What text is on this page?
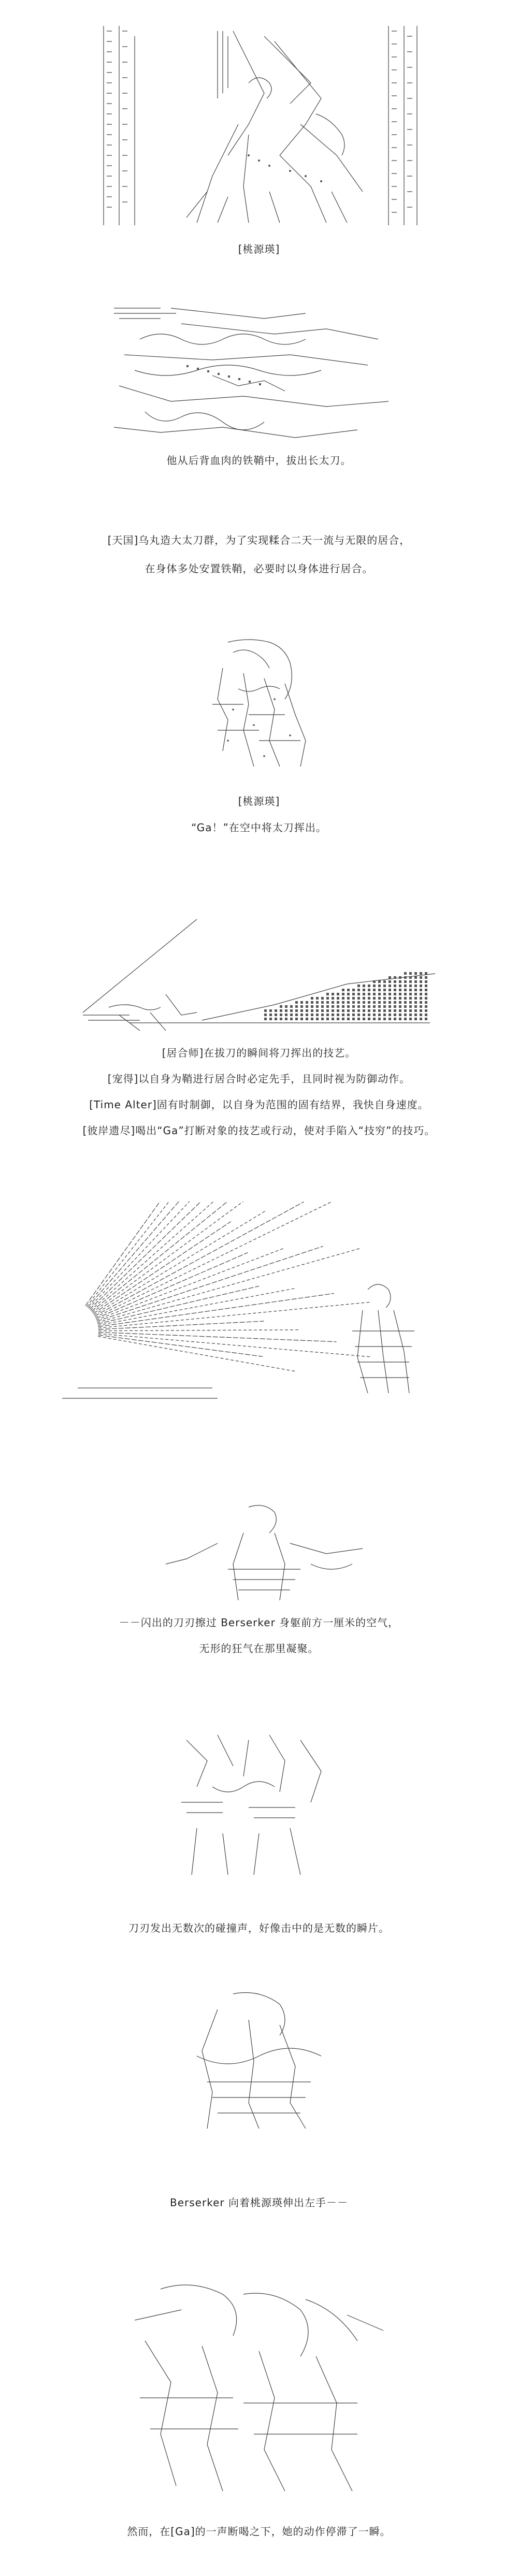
[桃源瑛]
他从后背血肉的铁鞘中，拔出长太刀。
[天国]乌丸造大太刀群，为了实现糅合二天一流与无限的居合，
在身体多处安置铁鞘，必要时以身体进行居合。
[桃源瑛]
“Ga！”在空中将太刀挥出。
[居合师]在拔刀的瞬间将刀挥出的技艺。
[宠得]以自身为鞘进行居合时必定先手，且同时视为防御动作。
[Time Alter]固有时制御，以自身为范围的固有结界，我快自身速度。
[彼岸遗尽]喝出“Ga”打断对象的技艺或行动，使对手陷入“技穷”的技巧。
－－闪出的刀刃擦过 Berserker 身躯前方一厘米的空气，
无形的狂气在那里凝聚。
刀刃发出无数次的碰撞声，好像击中的是无数的瞬片。
Berserker 向着桃源瑛伸出左手－－
然而，在[Ga]的一声断喝之下，她的动作停滞了一瞬。
